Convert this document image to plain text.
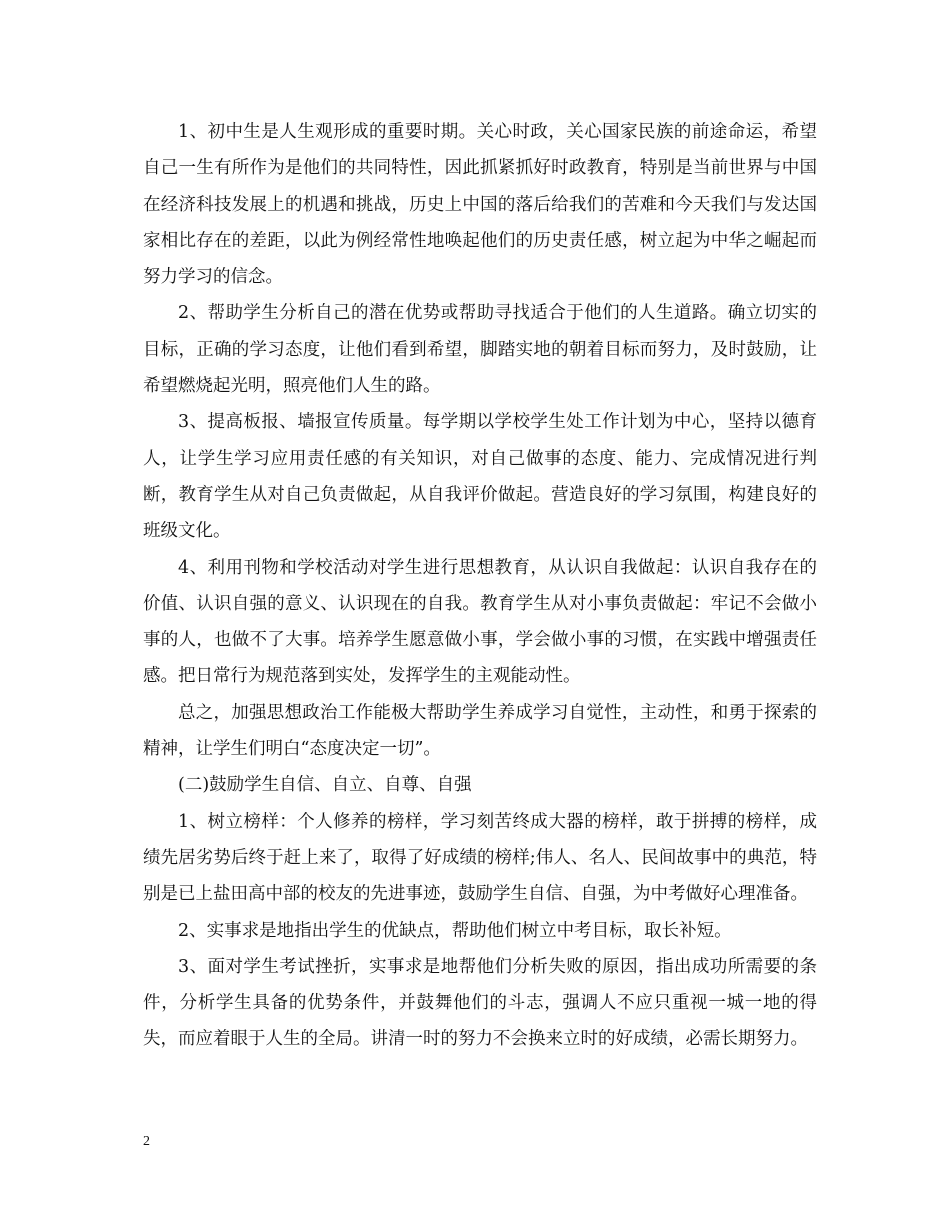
1、初中生是人生观形成的重要时期。关心时政，关心国家民族的前途命运，希望自己一生有所作为是他们的共同特性，因此抓紧抓好时政教育，特别是当前世界与中国在经济科技发展上的机遇和挑战，历史上中国的落后给我们的苦难和今天我们与发达国家相比存在的差距，以此为例经常性地唤起他们的历史责任感，树立起为中华之崛起而努力学习的信念。

2、帮助学生分析自己的潜在优势或帮助寻找适合于他们的人生道路。确立切实的目标，正确的学习态度，让他们看到希望，脚踏实地的朝着目标而努力，及时鼓励，让希望燃烧起光明，照亮他们人生的路。

3、提高板报、墙报宣传质量。每学期以学校学生处工作计划为中心，坚持以德育人，让学生学习应用责任感的有关知识，对自己做事的态度、能力、完成情况进行判断，教育学生从对自己负责做起，从自我评价做起。营造良好的学习氛围，构建良好的班级文化。

4、利用刊物和学校活动对学生进行思想教育，从认识自我做起：认识自我存在的价值、认识自强的意义、认识现在的自我。教育学生从对小事负责做起：牢记不会做小事的人，也做不了大事。培养学生愿意做小事，学会做小事的习惯，在实践中增强责任感。把日常行为规范落到实处，发挥学生的主观能动性。

总之，加强思想政治工作能极大帮助学生养成学习自觉性，主动性，和勇于探索的精神，让学生们明白“态度决定一切”。

(二)鼓励学生自信、自立、自尊、自强

1、树立榜样：个人修养的榜样，学习刻苦终成大器的榜样，敢于拼搏的榜样，成绩先居劣势后终于赶上来了，取得了好成绩的榜样;伟人、名人、民间故事中的典范，特别是已上盐田高中部的校友的先进事迹，鼓励学生自信、自强，为中考做好心理准备。

2、实事求是地指出学生的优缺点，帮助他们树立中考目标，取长补短。

3、面对学生考试挫折，实事求是地帮他们分析失败的原因，指出成功所需要的条件，分析学生具备的优势条件，并鼓舞他们的斗志，强调人不应只重视一城一地的得失，而应着眼于人生的全局。讲清一时的努力不会换来立时的好成绩，必需长期努力。

2
